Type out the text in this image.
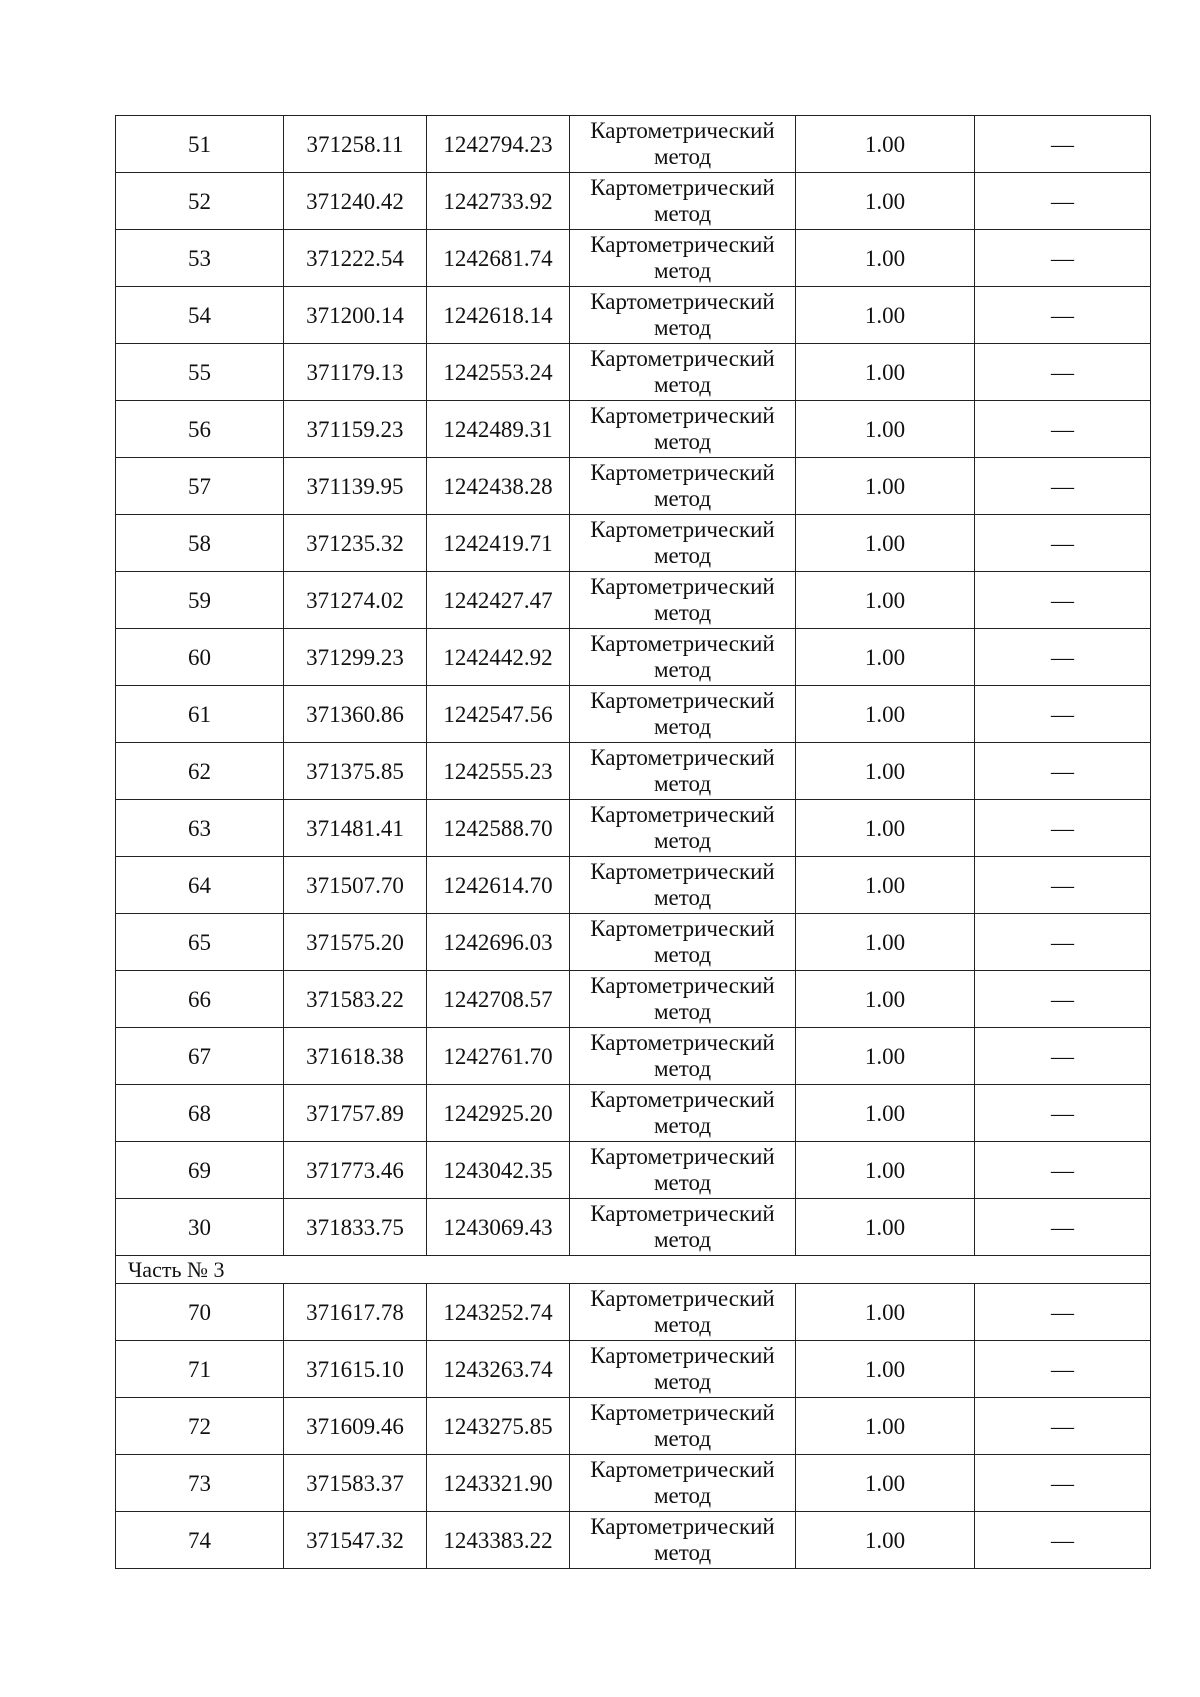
51	371258.11	1242794.23	Картометрический метод	1.00	—
52	371240.42	1242733.92	Картометрический метод	1.00	—
53	371222.54	1242681.74	Картометрический метод	1.00	—
54	371200.14	1242618.14	Картометрический метод	1.00	—
55	371179.13	1242553.24	Картометрический метод	1.00	—
56	371159.23	1242489.31	Картометрический метод	1.00	—
57	371139.95	1242438.28	Картометрический метод	1.00	—
58	371235.32	1242419.71	Картометрический метод	1.00	—
59	371274.02	1242427.47	Картометрический метод	1.00	—
60	371299.23	1242442.92	Картометрический метод	1.00	—
61	371360.86	1242547.56	Картометрический метод	1.00	—
62	371375.85	1242555.23	Картометрический метод	1.00	—
63	371481.41	1242588.70	Картометрический метод	1.00	—
64	371507.70	1242614.70	Картометрический метод	1.00	—
65	371575.20	1242696.03	Картометрический метод	1.00	—
66	371583.22	1242708.57	Картометрический метод	1.00	—
67	371618.38	1242761.70	Картометрический метод	1.00	—
68	371757.89	1242925.20	Картометрический метод	1.00	—
69	371773.46	1243042.35	Картометрический метод	1.00	—
30	371833.75	1243069.43	Картометрический метод	1.00	—
Часть № 3					
70	371617.78	1243252.74	Картометрический метод	1.00	—
71	371615.10	1243263.74	Картометрический метод	1.00	—
72	371609.46	1243275.85	Картометрический метод	1.00	—
73	371583.37	1243321.90	Картометрический метод	1.00	—
74	371547.32	1243383.22	Картометрический метод	1.00	—
